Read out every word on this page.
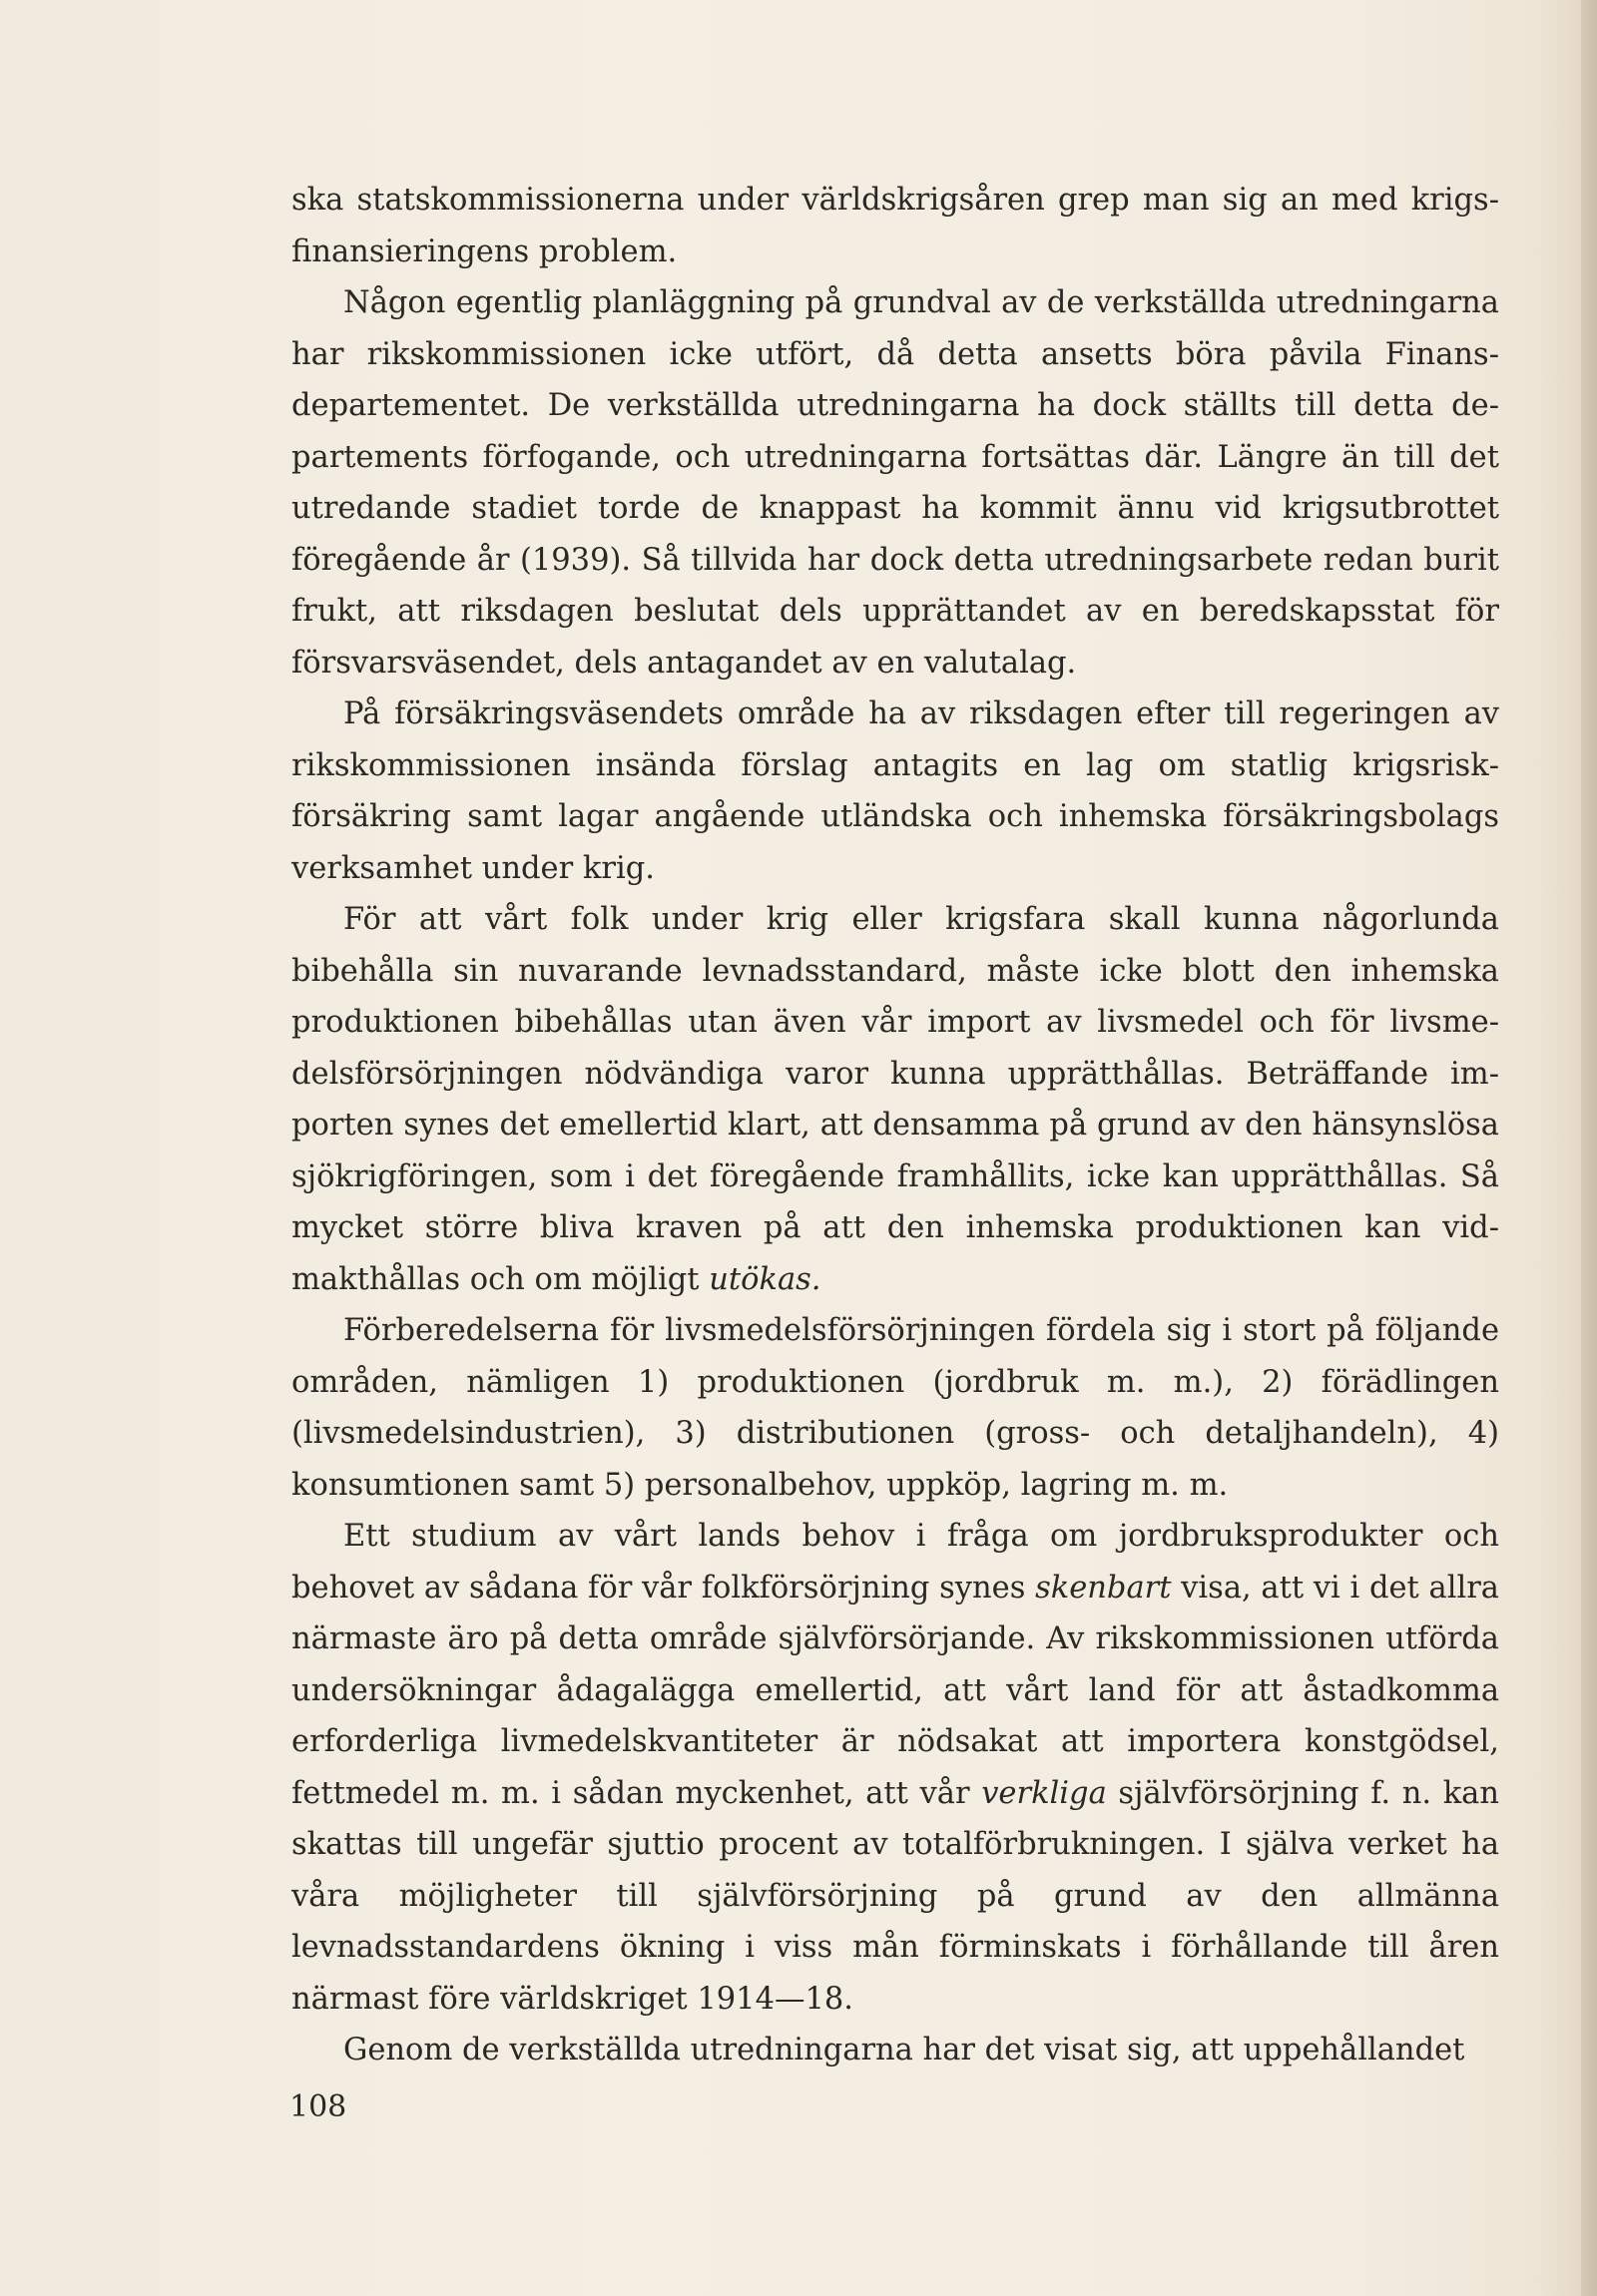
ska statskommissionerna under världskrigsåren grep man sig an med krigsfinansieringens problem.

Någon egentlig planläggning på grundval av de verkställda utredningarna har rikskommissionen icke utfört, då detta ansetts böra påvila Finansdepartementet. De verkställda utredningarna ha dock ställts till detta departements förfogande, och utredningarna fortsättas där. Längre än till det utredande stadiet torde de knappast ha kommit ännu vid krigsutbrottet föregående år (1939). Så tillvida har dock detta utredningsarbete redan burit frukt, att riksdagen beslutat dels upprättandet av en beredskapsstat för försvarsväsendet, dels antagandet av en valutalag.

På försäkringsväsendets område ha av riksdagen efter till regeringen av rikskommissionen insända förslag antagits en lag om statlig krigsriskförsäkring samt lagar angående utländska och inhemska försäkringsbolags verksamhet under krig.

För att vårt folk under krig eller krigsfara skall kunna någorlunda bibehålla sin nuvarande levnadsstandard, måste icke blott den inhemska produktionen bibehållas utan även vår import av livsmedel och för livsmedelsförsörjningen nödvändiga varor kunna upprätthållas. Beträffande importen synes det emellertid klart, att densamma på grund av den hänsynslösa sjökrigföringen, som i det föregående framhållits, icke kan upprätthållas. Så mycket större bliva kraven på att den inhemska produktionen kan vidmakthållas och om möjligt utökas.

Förberedelserna för livsmedelsförsörjningen fördela sig i stort på följande områden, nämligen 1) produktionen (jordbruk m. m.), 2) förädlingen (livsmedelsindustrien), 3) distributionen (gross- och detaljhandeln), 4) konsumtionen samt 5) personalbehov, uppköp, lagring m. m.

Ett studium av vårt lands behov i fråga om jordbruksprodukter och behovet av sådana för vår folkförsörjning synes skenbart visa, att vi i det allra närmaste äro på detta område självförsörjande. Av rikskommissionen utförda undersökningar ådagalägga emellertid, att vårt land för att åstadkomma erforderliga livmedelskvantiteter är nödsakat att importera konstgödsel, fettmedel m. m. i sådan myckenhet, att vår verkliga självförsörjning f. n. kan skattas till ungefär sjuttio procent av totalförbrukningen. I själva verket ha våra möjligheter till självförsörjning på grund av den allmänna levnadsstandardens ökning i viss mån förminskats i förhållande till åren närmast före världskriget 1914—18.

Genom de verkställda utredningarna har det visat sig, att uppehållandet

108
